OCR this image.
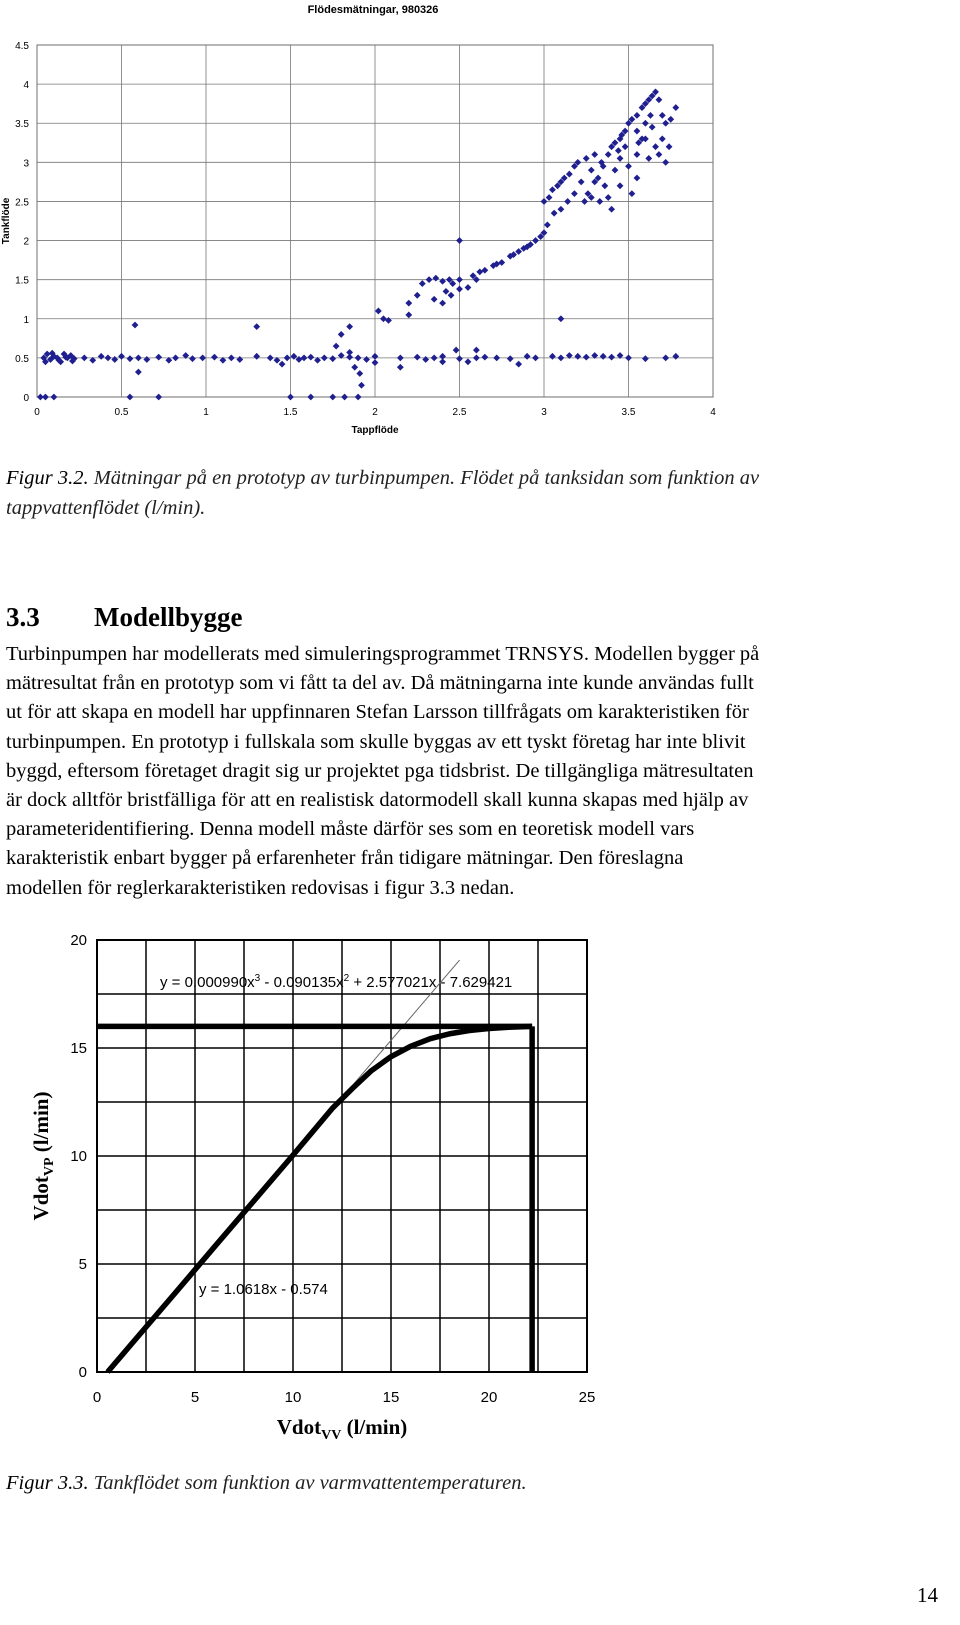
Flödesmätningar, 980326
0	0.5	1	1.5	2	2.5	3	3.5	4
0
0.5
1
1.5
2
2.5
3
3.5
4
4.5
Tappflöde
Tankflöde
Figur 3.2. Mätningar på en prototyp av turbinpumpen. Flödet på tanksidan som funktion av
tappvattenflödet (l/min).
3.3 Modellbygge

Turbinpumpen har modellerats med simuleringsprogrammet TRNSYS. Modellen bygger på

mätresultat från en prototyp som vi fått ta del av. Då mätningarna inte kunde användas fullt

ut för att skapa en modell har uppfinnaren Stefan Larsson tillfrågats om karakteristiken för

turbinpumpen. En prototyp i fullskala som skulle byggas av ett tyskt företag har inte blivit

byggd, eftersom företaget dragit sig ur projektet pga tidsbrist. De tillgängliga mätresultaten

är dock alltför bristfälliga för att en realistisk datormodell skall kunna skapas med hjälp av

parameteridentifiering. Denna modell måste därför ses som en teoretisk modell vars

karakteristik enbart bygger på erfarenheter från tidigare mätningar. Den föreslagna

modellen för reglerkarakteristiken redovisas i figur 3.3 nedan.

0	5	10	15	20	25
0
5
10
15
20
$y = 0.000990x^3 - 0.090135x^2 + 2.577021x - 7.629421$
y = 1.0618x - 0.574
Vdot$_{VV}$ (l/min)
Vdot$_{VP}$ (l/min)
Figur 3.3. Tankflödet som funktion av varmvattentemperaturen.
14
